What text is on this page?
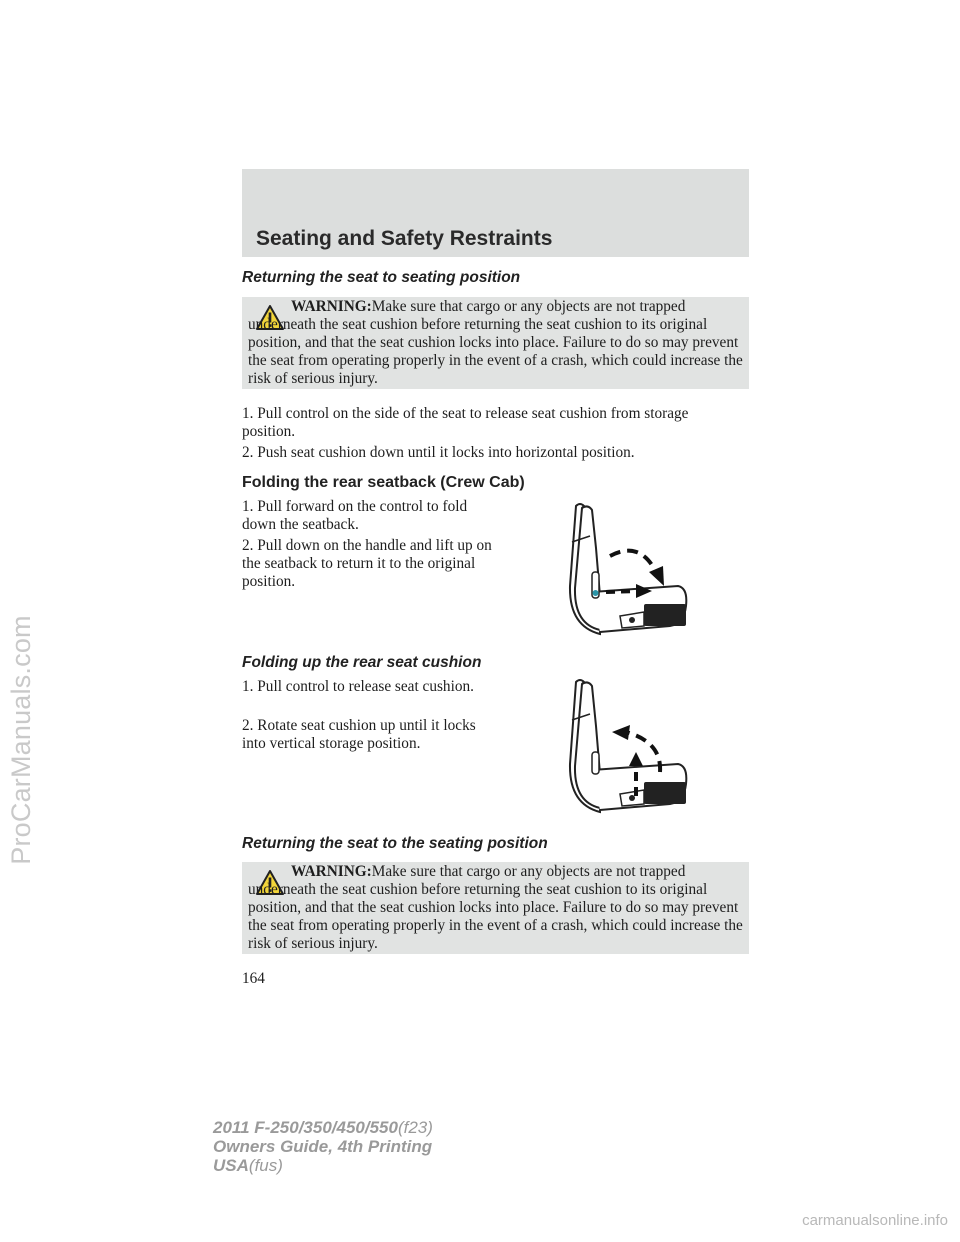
ProCarManuals.com
Seating and Safety Restraints
Returning the seat to seating position
WARNING:Make sure that cargo or any objects are not trapped underneath the seat cushion before returning the seat cushion to its original position, and that the seat cushion locks into place. Failure to do so may prevent the seat from operating properly in the event of a crash, which could increase the risk of serious injury.
1. Pull control on the side of the seat to release seat cushion from storage position.
2. Push seat cushion down until it locks into horizontal position.
Folding the rear seatback (Crew Cab)
1. Pull forward on the control to fold down the seatback.
2. Pull down on the handle and lift up on the seatback to return it to the original position.
Folding up the rear seat cushion
1. Pull control to release seat cushion.
2. Rotate seat cushion up until it locks into vertical storage position.
Returning the seat to the seating position
WARNING:Make sure that cargo or any objects are not trapped underneath the seat cushion before returning the seat cushion to its original position, and that the seat cushion locks into place. Failure to do so may prevent the seat from operating properly in the event of a crash, which could increase the risk of serious injury.
164
2011 F-250/350/450/550(f23)
Owners Guide, 4th Printing
USA(fus)
carmanualsonline.info
